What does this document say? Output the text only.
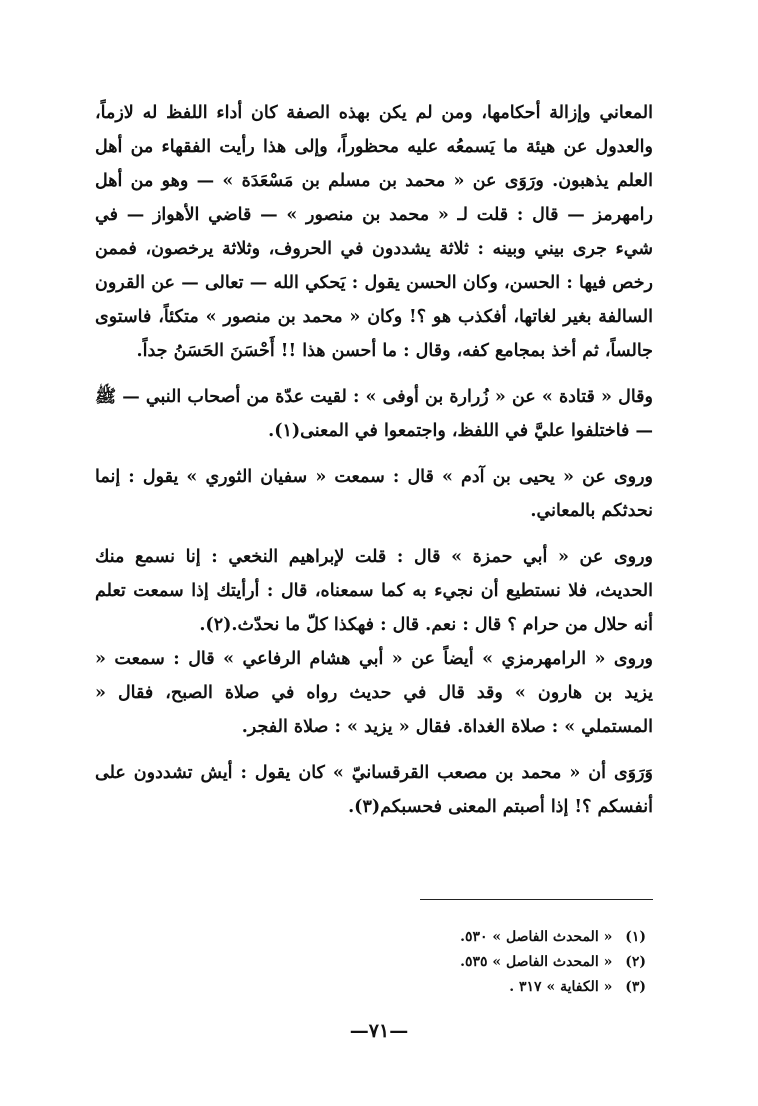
المعاني وإزالة أحكامها، ومن لم يكن بهذه الصفة كان أداء اللفظ له لازماً، والعدول عن هيئة ما يَسمعُه عليه محظوراً، وإلى هذا رأيت الفقهاء من أهل العلم يذهبون. ورَوَى عن « محمد بن مسلم بن مَسْعَدَة » — وهو من أهل رامهرمز — قال : قلت لـ « محمد بن منصور » — قاضي الأهواز — في شيء جرى بيني وبينه : ثلاثة يشددون في الحروف، وثلاثة يرخصون، فممن رخص فيها : الحسن، وكان الحسن يقول : يَحكي الله — تعالى — عن القرون السالفة بغير لغاتها، أفكذب هو ؟! وكان « محمد بن منصور » متكئاً، فاستوى جالساً، ثم أخذ بمجامع كفه، وقال : ما أحسن هذا !! أَحْسَنَ الحَسَنُ جداً.

وقال « قتادة » عن « زُرارة بن أوفى » : لقيت عدّة من أصحاب النبي — ﷺ — فاختلفوا عليَّ في اللفظ، واجتمعوا في المعنى(١).

وروى عن « يحيى بن آدم » قال : سمعت « سفيان الثوري » يقول : إنما نحدثكم بالمعاني.

وروى عن « أبي حمزة » قال : قلت لإبراهيم النخعي : إنا نسمع منك الحديث، فلا نستطيع أن نجيء به كما سمعناه، قال : أرأيتك إذا سمعت تعلم أنه حلال من حرام ؟ قال : نعم. قال : فهكذا كلّ ما نحدّث.(٢).

وروى « الرامهرمزي » أيضاً عن « أبي هشام الرفاعي » قال : سمعت « يزيد بن هارون » وقد قال في حديث رواه في صلاة الصبح، فقال « المستملي » : صلاة الغداة. فقال « يزيد » : صلاة الفجر.

وَرَوَى أن « محمد بن مصعب القرقسانيّ » كان يقول : أيش تشددون على أنفسكم ؟! إذا أصبتم المعنى فحسبكم(٣).

(١) « المحدث الفاصل » ٥٣٠.
(٢) « المحدث الفاصل » ٥٣٥.
(٣) « الكفاية » ٣١٧ .
—٧١—
